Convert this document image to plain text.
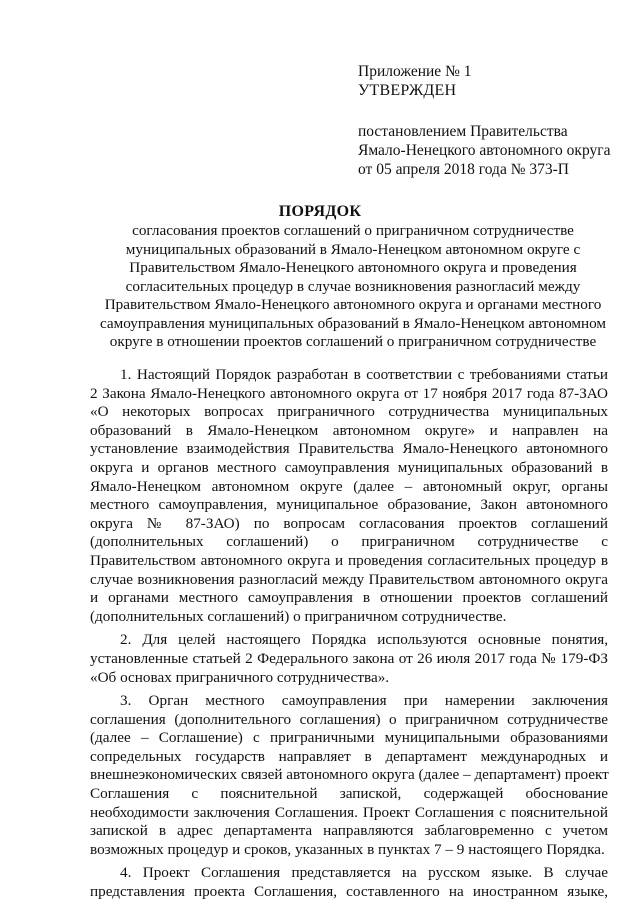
Приложение № 1
УТВЕРЖДЕН
постановлением Правительства
Ямало-Ненецкого автономного округа
от 05 апреля 2018 года № 373-П
ПОРЯДОК
согласования проектов соглашений о приграничном сотрудничестве
муниципальных образований в Ямало-Ненецком автономном округе с
Правительством Ямало-Ненецкого автономного округа и проведения
согласительных процедур в случае возникновения разногласий между
Правительством Ямало-Ненецкого автономного округа и органами местного
самоуправления муниципальных образований в Ямало-Ненецком автономном
округе в отношении проектов соглашений о приграничном сотрудничестве
1. Настоящий Порядок разработан в соответствии с требованиями статьи
2 Закона Ямало-Ненецкого автономного округа от 17 ноября 2017 года 87-ЗАО
«О некоторых вопросах приграничного сотрудничества муниципальных
образований в Ямало-Ненецком автономном округе» и направлен на
установление взаимодействия Правительства Ямало-Ненецкого автономного
округа и органов местного самоуправления муниципальных образований в
Ямало-Ненецком автономном округе (далее – автономный округ, органы
местного самоуправления, муниципальное образование, Закон автономного
округа № 87-ЗАО) по вопросам согласования проектов соглашений
(дополнительных соглашений) о приграничном сотрудничестве с
Правительством автономного округа и проведения согласительных процедур в
случае возникновения разногласий между Правительством автономного округа
и органами местного самоуправления в отношении проектов соглашений
(дополнительных соглашений) о приграничном сотрудничестве.
2. Для целей настоящего Порядка используются основные понятия,
установленные статьей 2 Федерального закона от 26 июля 2017 года № 179-ФЗ
«Об основах приграничного сотрудничества».
3. Орган местного самоуправления при намерении заключения
соглашения (дополнительного соглашения) о приграничном сотрудничестве
(далее – Соглашение) с приграничными муниципальными образованиями
сопредельных государств направляет в департамент международных и
внешнеэкономических связей автономного округа (далее – департамент) проект
Соглашения с пояснительной запиской, содержащей обоснование
необходимости заключения Соглашения. Проект Соглашения с пояснительной
запиской в адрес департамента направляются заблаговременно с учетом
возможных процедур и сроков, указанных в пунктах 7 – 9 настоящего Порядка.
4. Проект Соглашения представляется на русском языке. В случае
представления проекта Соглашения, составленного на иностранном языке,
